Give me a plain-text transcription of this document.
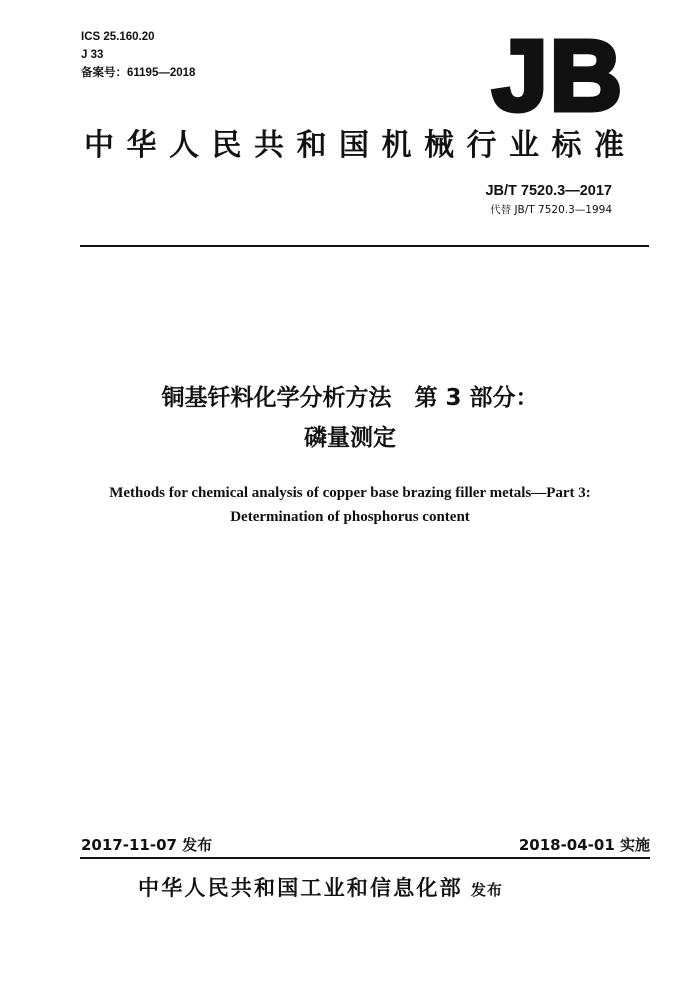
ICS 25.160.20
J 33
备案号：61195—2018	JB
中华人民共和国机械行业标准
JB/T 7520.3—2017
代替 JB/T 7520.3—1994
铜基钎料化学分析方法　第 3 部分：
磷量测定
Methods for chemical analysis of copper base brazing filler metals—Part 3:
Determination of phosphorus content
2017-11-07 发布	2018-04-01 实施
中华人民共和国工业和信息化部 发布
